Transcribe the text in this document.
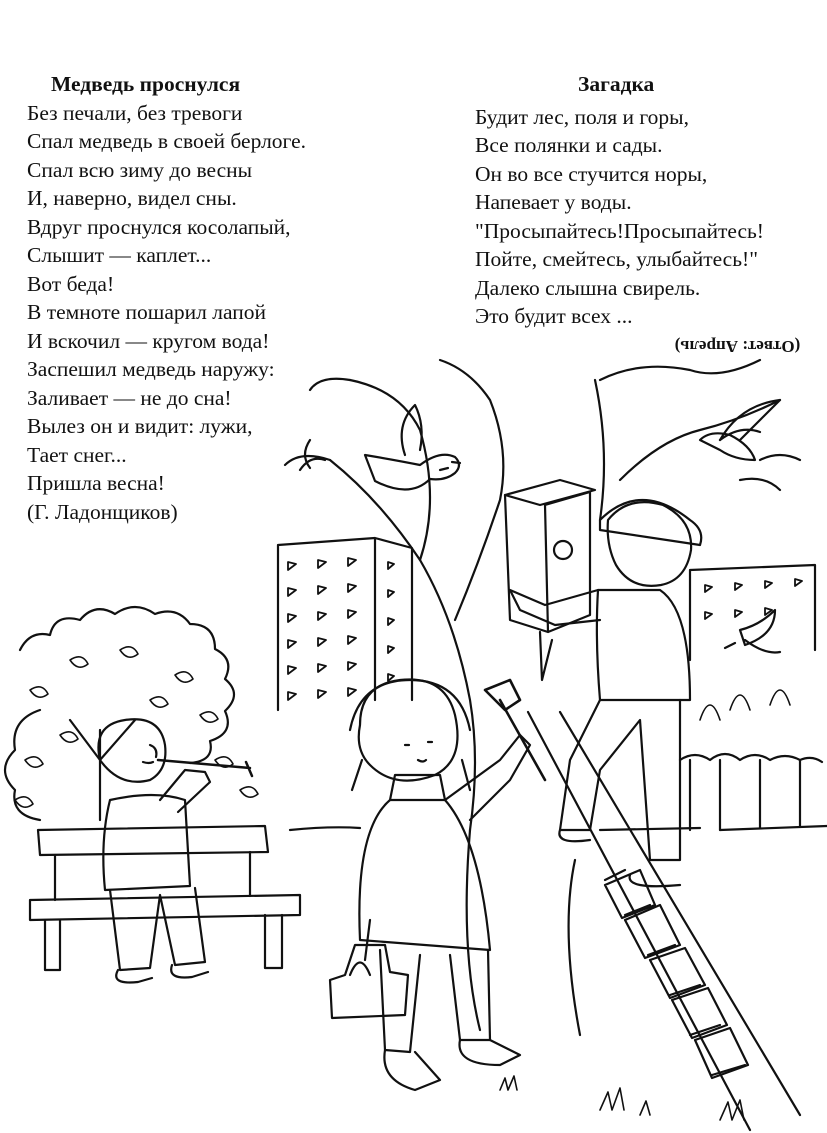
Медведь проснулся
Без печали, без тревоги
Спал медведь в своей берлоге.
Спал всю зиму до весны
И, наверно, видел сны.
Вдруг проснулся косолапый,
Слышит — каплет...
Вот беда!
В темноте пошарил лапой
И вскочил — кругом вода!
Заспешил медведь наружу:
Заливает — не до сна!
Вылез он и видит: лужи,
Тает снег...
Пришла весна!
(Г. Ладонщиков)
Загадка
Будит лес, поля и горы,
Все полянки и сады.
Он во все стучится норы,
Напевает у воды.
"Просыпайтесь!Просыпайтесь!
Пойте, смейтесь, улыбайтесь!"
Далеко слышна свирель.
Это будит всех ...
(Ответ: Апрель)
